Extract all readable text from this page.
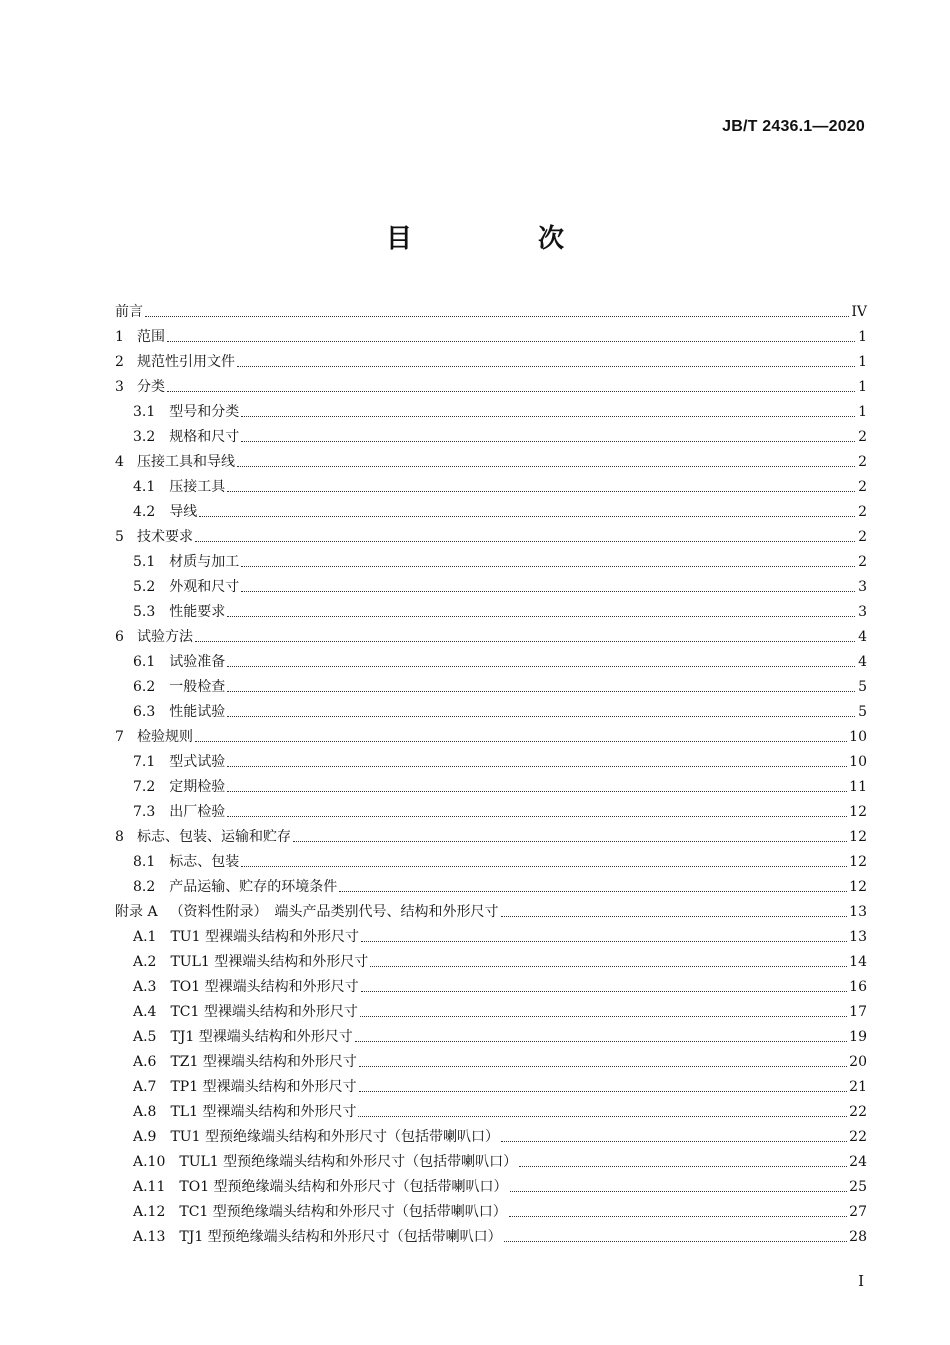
JB/T 2436.1—2020
目　次
前言	IV
1 范围	1
2 规范性引用文件	1
3 分类	1
3.1 型号和分类	1
3.2 规格和尺寸	2
4 压接工具和导线	2
4.1 压接工具	2
4.2 导线	2
5 技术要求	2
5.1 材质与加工	2
5.2 外观和尺寸	3
5.3 性能要求	3
6 试验方法	4
6.1 试验准备	4
6.2 一般检查	5
6.3 性能试验	5
7 检验规则	10
7.1 型式试验	10
7.2 定期检验	11
7.3 出厂检验	12
8 标志、包装、运输和贮存	12
8.1 标志、包装	12
8.2 产品运输、贮存的环境条件	12
附录 A （资料性附录）　端头产品类别代号、结构和外形尺寸	13
A.1 TU1 型裸端头结构和外形尺寸	13
A.2 TUL1 型裸端头结构和外形尺寸	14
A.3 TO1 型裸端头结构和外形尺寸	16
A.4 TC1 型裸端头结构和外形尺寸	17
A.5 TJ1 型裸端头结构和外形尺寸	19
A.6 TZ1 型裸端头结构和外形尺寸	20
A.7 TP1 型裸端头结构和外形尺寸	21
A.8 TL1 型裸端头结构和外形尺寸	22
A.9 TU1 型预绝缘端头结构和外形尺寸（包括带喇叭口）	22
A.10 TUL1 型预绝缘端头结构和外形尺寸（包括带喇叭口）	24
A.11 TO1 型预绝缘端头结构和外形尺寸（包括带喇叭口）	25
A.12 TC1 型预绝缘端头结构和外形尺寸（包括带喇叭口）	27
A.13 TJ1 型预绝缘端头结构和外形尺寸（包括带喇叭口）	28
I
